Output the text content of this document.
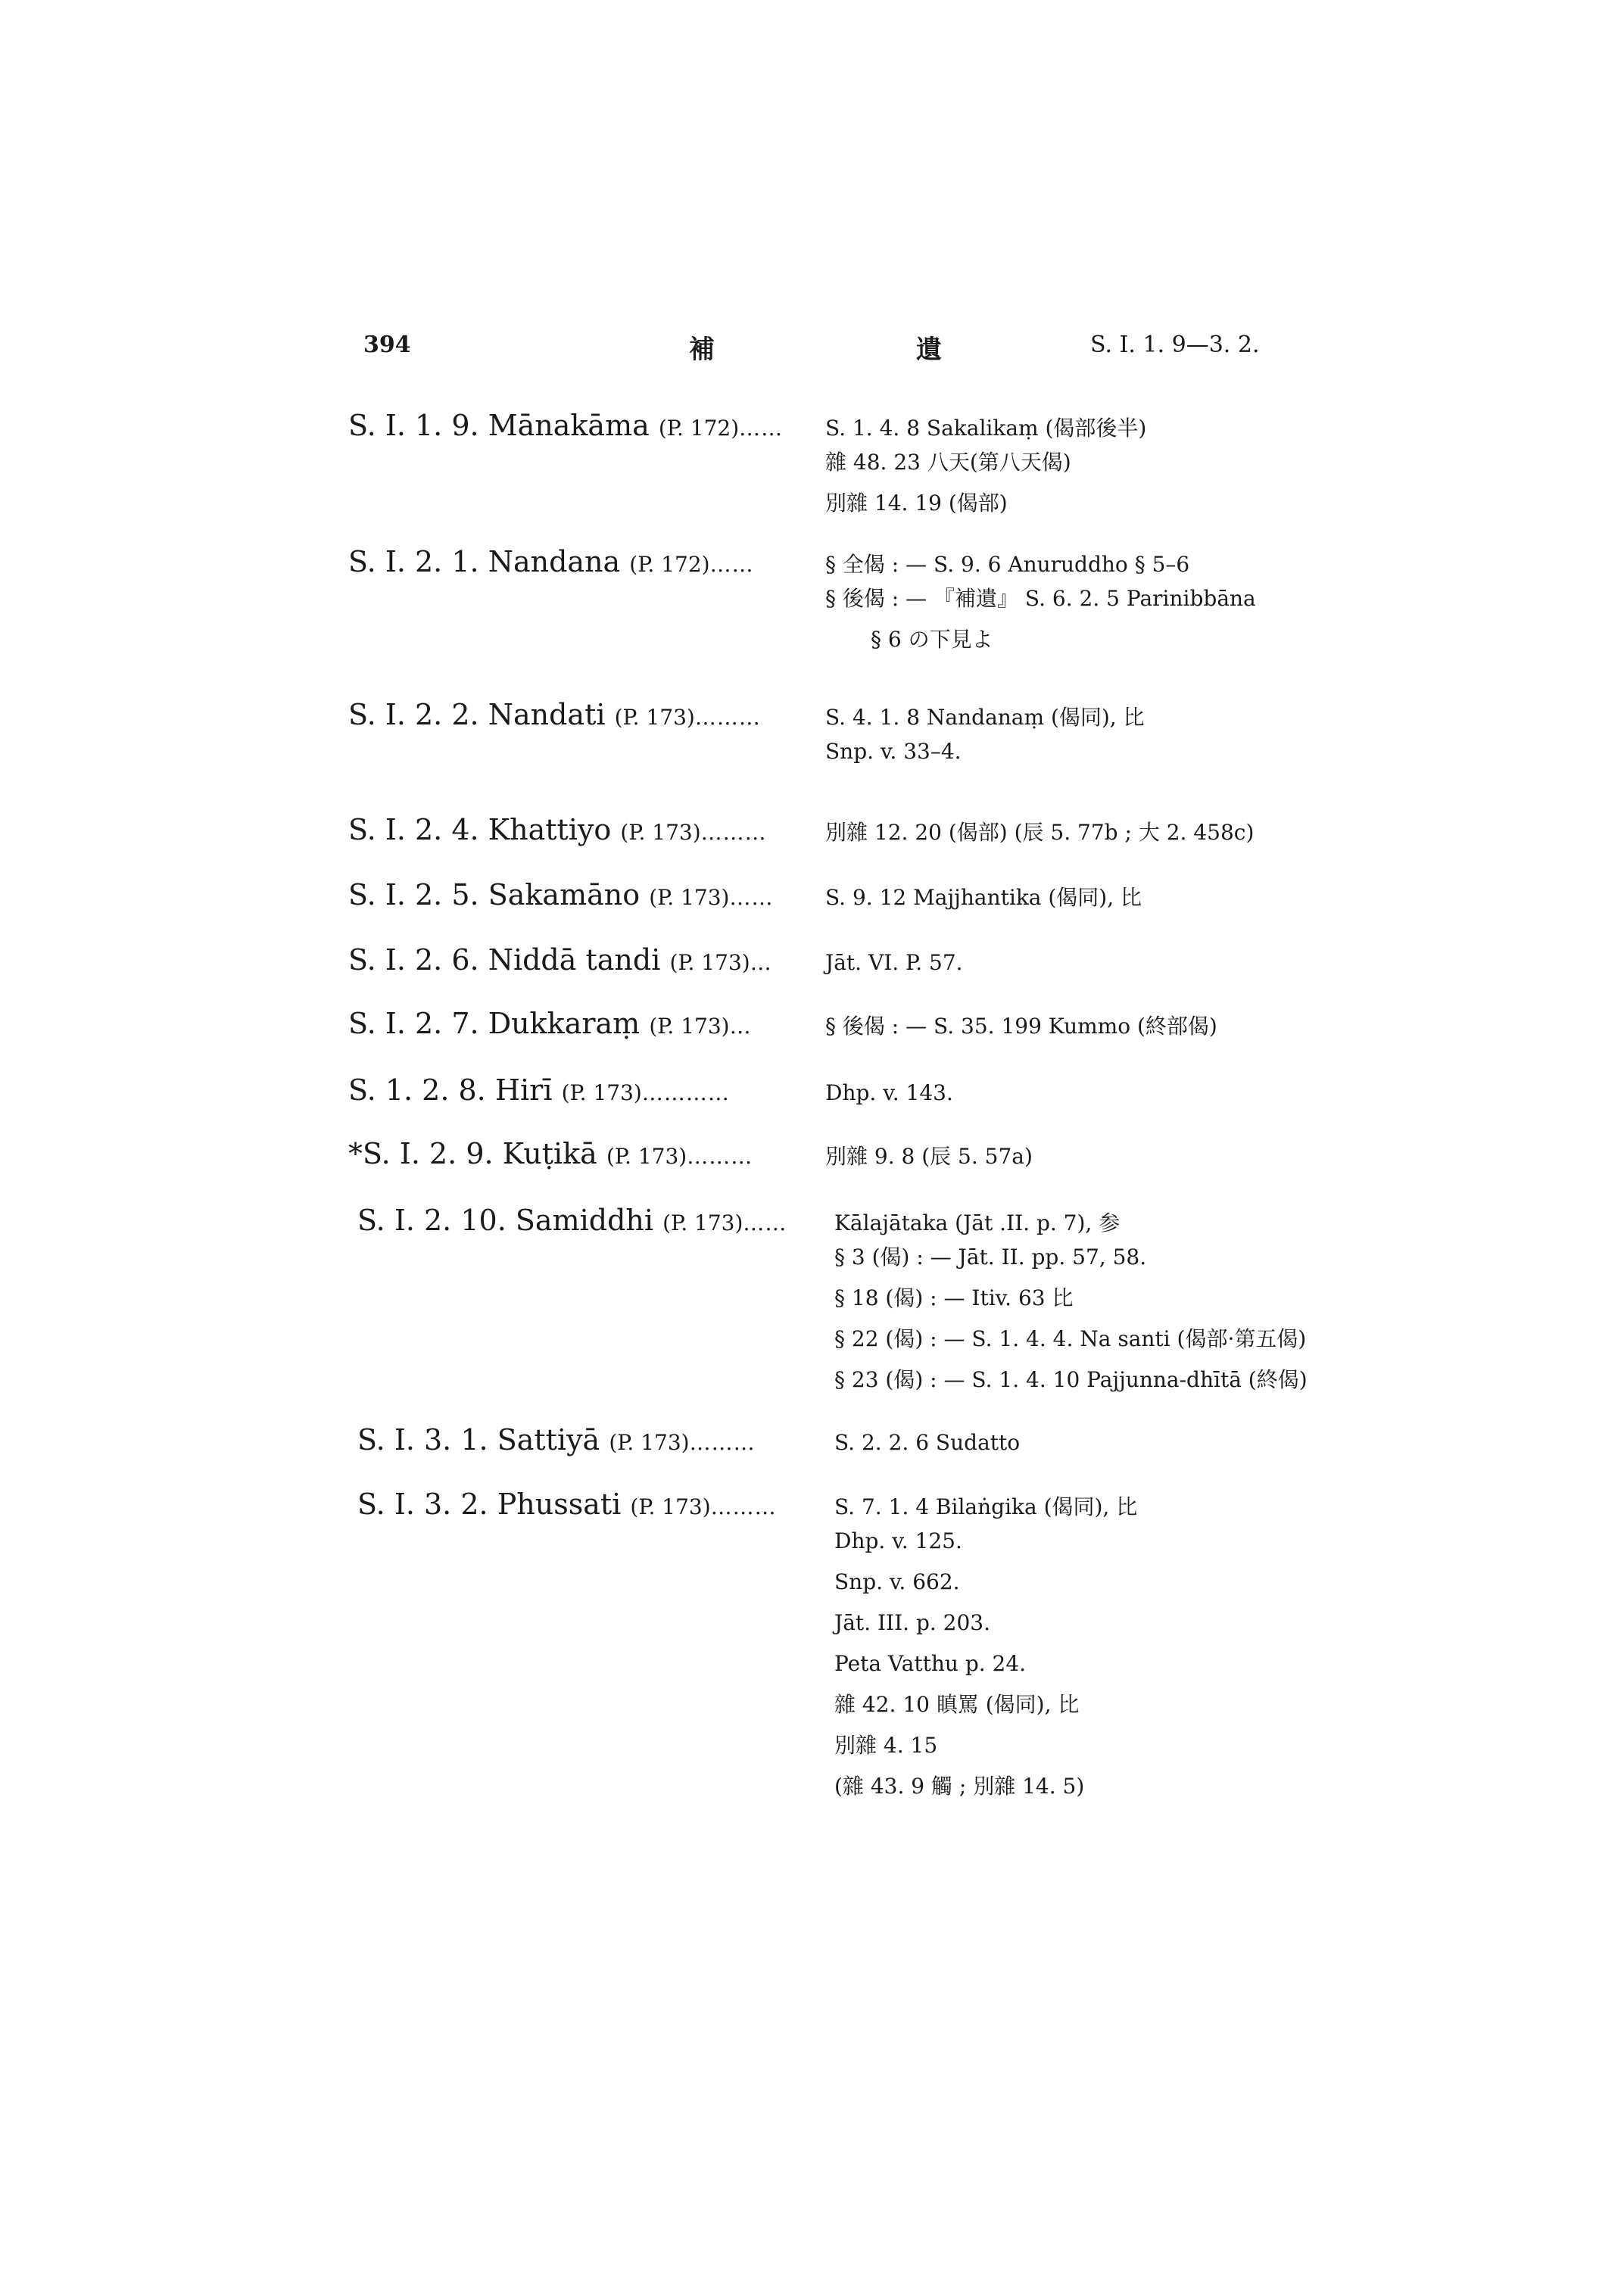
394	補	遺	S. I. 1. 9—3. 2.
S. I. 1. 9. Mānakāma (P. 172)……	S. 1. 4. 8 Sakalikaṃ (偈部後半)
雜 48. 23 八天(第八天偈)
別雜 14. 19 (偈部)
S. I. 2. 1. Nandana (P. 172)……	§ 全偈 : — S. 9. 6 Anuruddho § 5–6
§ 後偈 : — 『補遺』 S. 6. 2. 5 Parinibbāna
§ 6 の下見よ
S. I. 2. 2. Nandati (P. 173)………	S. 4. 1. 8 Nandanaṃ (偈同), 比
Snp. v. 33–4.
S. I. 2. 4. Khattiyo (P. 173)………	別雜 12. 20 (偈部) (辰 5. 77b ; 大 2. 458c)
S. I. 2. 5. Sakamāno (P. 173)……	S. 9. 12 Majjhantika (偈同), 比
S. I. 2. 6. Niddā tandi (P. 173)…	Jāt. VI. P. 57.
S. I. 2. 7. Dukkaraṃ (P. 173)…	§ 後偈 : — S. 35. 199 Kummo (終部偈)
S. 1. 2. 8. Hirī (P. 173)…………	Dhp. v. 143.
*S. I. 2. 9. Kuṭikā (P. 173)………	別雜 9. 8 (辰 5. 57a)
S. I. 2. 10. Samiddhi (P. 173)……	Kālajātaka (Jāt .II. p. 7), 参
§ 3 (偈) : — Jāt. II. pp. 57, 58.
§ 18 (偈) : — Itiv. 63 比
§ 22 (偈) : — S. 1. 4. 4. Na santi (偈部·第五偈)
§ 23 (偈) : — S. 1. 4. 10 Pajjunna-dhītā (終偈)
S. I. 3. 1. Sattiyā (P. 173)………	S. 2. 2. 6 Sudatto
S. I. 3. 2. Phussati (P. 173)………	S. 7. 1. 4 Bilaṅgika (偈同), 比
Dhp. v. 125.
Snp. v. 662.
Jāt. III. p. 203.
Peta Vatthu p. 24.
雜 42. 10 瞋罵 (偈同), 比
別雜 4. 15
(雜 43. 9 觸 ; 別雜 14. 5)
